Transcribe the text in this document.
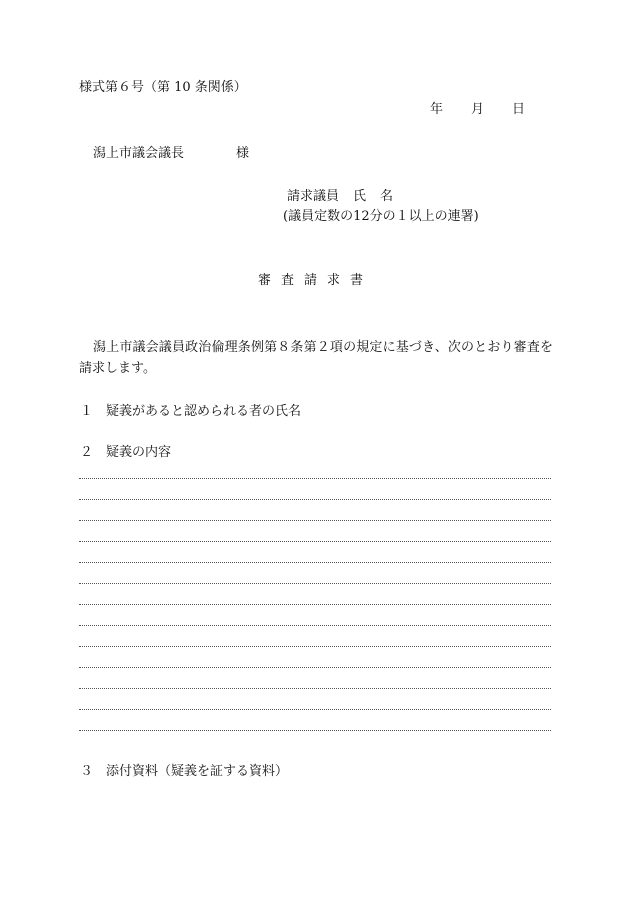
様式第６号（第 10 条関係）
年 月 日
潟上市議会議長	様
請求議員 氏 名
(議員定数の12分の１以上の連署)
審査請求書
潟上市議会議員政治倫理条例第８条第２項の規定に基づき、次のとおり審査を請求します。
１ 疑義があると認められる者の氏名
２ 疑義の内容
３ 添付資料（疑義を証する資料）
